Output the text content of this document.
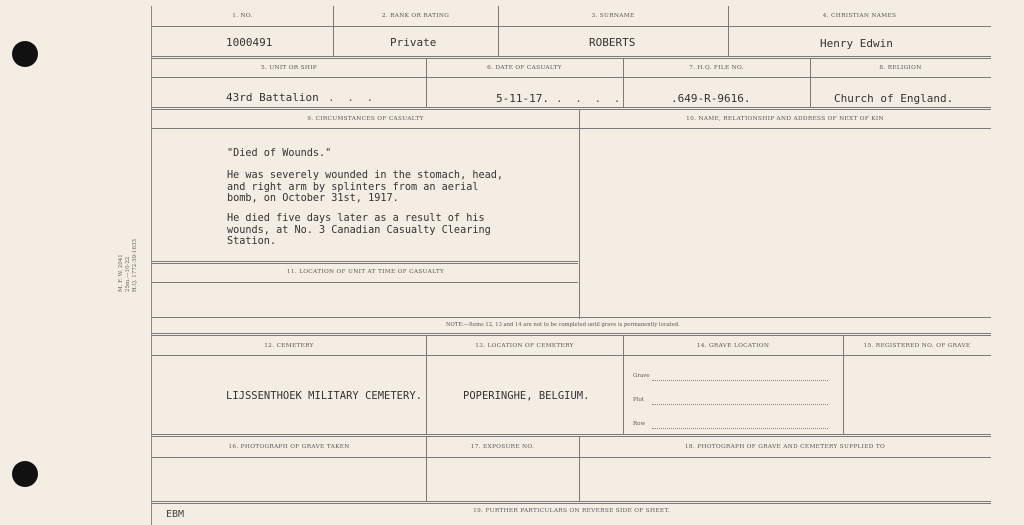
M. F. W. 2041 25m.—10-22 H.Q. 1772-39-1633
1. NO.	2. RANK OR RATING	3. SURNAME	4. CHRISTIAN NAMES
1000491	Private	ROBERTS	Henry Edwin
5. UNIT OR SHIP	6. DATE OF CASUALTY	7. H.Q. FILE NO.	8. RELIGION
43rd Battalion . . .	5-11-17. . . . .	.649-R-9616.	Church of England.
9. CIRCUMSTANCES OF CASUALTY	10. NAME, RELATIONSHIP AND ADDRESS OF NEXT OF KIN
"Died of Wounds."
He was severely wounded in the stomach, head,
and right arm by splinters from an aerial
bomb, on October 31st, 1917.
He died five days later as a result of his
wounds, at No. 3 Canadian Casualty Clearing
Station.
11. LOCATION OF UNIT AT TIME OF CASUALTY
NOTE:—Items 12, 13 and 14 are not to be completed until grave is permanently located.
12. CEMETERY	13. LOCATION OF CEMETERY	14. GRAVE LOCATION	15. REGISTERED NO. OF GRAVE
LIJSSENTHOEK MILITARY CEMETERY.	POPERINGHE, BELGIUM.
16. PHOTOGRAPH OF GRAVE TAKEN	17. EXPOSURE NO.	18. PHOTOGRAPH OF GRAVE AND CEMETERY SUPPLIED TO
19. FURTHER PARTICULARS ON REVERSE SIDE OF SHEET.
Grave
Plot
Row
EBM
